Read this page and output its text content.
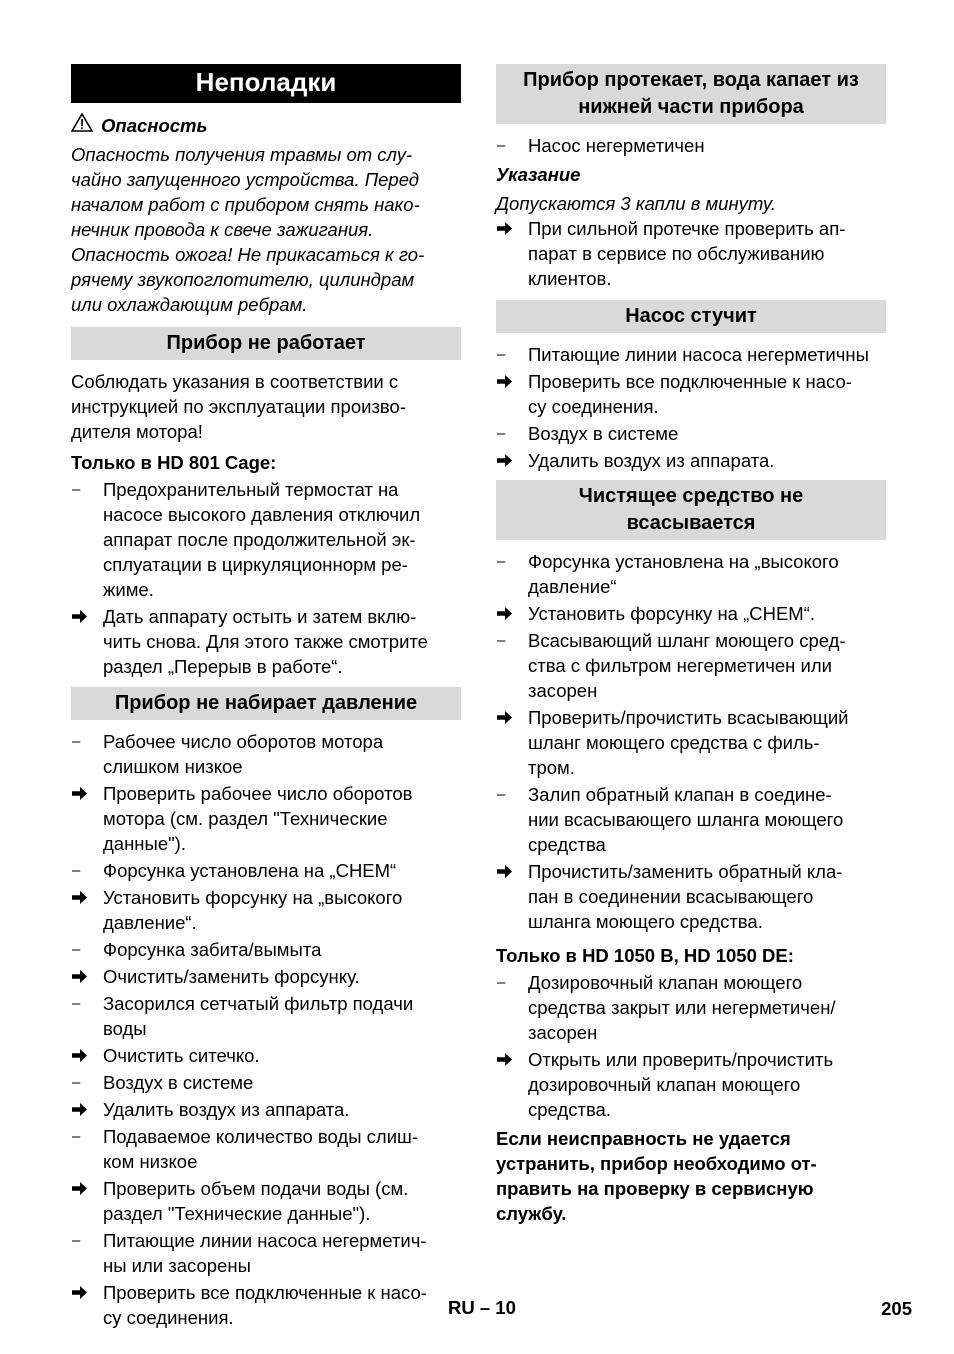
Неполадки
Опасность
Опасность получения травмы от слу-
чайно запущенного устройства. Перед
началом работ с прибором снять нако-
нечник провода к свече зажигания.
Опасность ожога! Не прикасаться к го-
рячему звукопоглотителю, цилиндрам
или охлаждающим ребрам.
Прибор не работает
Соблюдать указания в соответствии с
инструкцией по эксплуатации произво-
дителя мотора!
Только в HD 801 Cage:
–	Предохранительный термостат на
насосе высокого давления отключил
аппарат после продолжительной эк-
сплуатации в циркуляционнорм ре-
жиме.
Дать аппарату остыть и затем вклю-
чить снова. Для этого также смотрите
раздел „Перерыв в работе“.
Прибор не набирает давление
–	Рабочее число оборотов мотора
слишком низкое
Проверить рабочее число оборотов
мотора (см. раздел "Технические
данные").
–	Форсунка установлена на „CHEM“
Установить форсунку на „высокого
давление“.
–	Форсунка забита/вымыта
Очистить/заменить форсунку.
–	Засорился сетчатый фильтр подачи
воды
Очистить ситечко.
–	Воздух в системе
Удалить воздух из аппарата.
–	Подаваемое количество воды слиш-
ком низкое
Проверить объем подачи воды (см.
раздел "Технические данные").
–	Питающие линии насоса негерметич-
ны или засорены
Проверить все подключенные к насо-
су соединения.
Прибор протекает, вода капает из
нижней части прибора
–	Насос негерметичен
Указание
Допускаются 3 капли в минуту.
При сильной протечке проверить ап-
парат в сервисе по обслуживанию
клиентов.
Насос стучит
–	Питающие линии насоса негерметичны
Проверить все подключенные к насо-
су соединения.
–	Воздух в системе
Удалить воздух из аппарата.
Чистящее средство не
всасывается
–	Форсунка установлена на „высокого
давление“
Установить форсунку на „CHEM“.
–	Всасывающий шланг моющего сред-
ства с фильтром негерметичен или
засорен
Проверить/прочистить всасывающий
шланг моющего средства с филь-
тром.
–	Залип обратный клапан в соедине-
нии всасывающего шланга моющего
средства
Прочистить/заменить обратный кла-
пан в соединении всасывающего
шланга моющего средства.
Только в HD 1050 B, HD 1050 DE:
–	Дозировочный клапан моющего
средства закрыт или негерметичен/
засорен
Открыть или проверить/прочистить
дозировочный клапан моющего
средства.
Если неисправность не удается
устранить, прибор необходимо от-
править на проверку в сервисную
службу.
RU – 10	205
